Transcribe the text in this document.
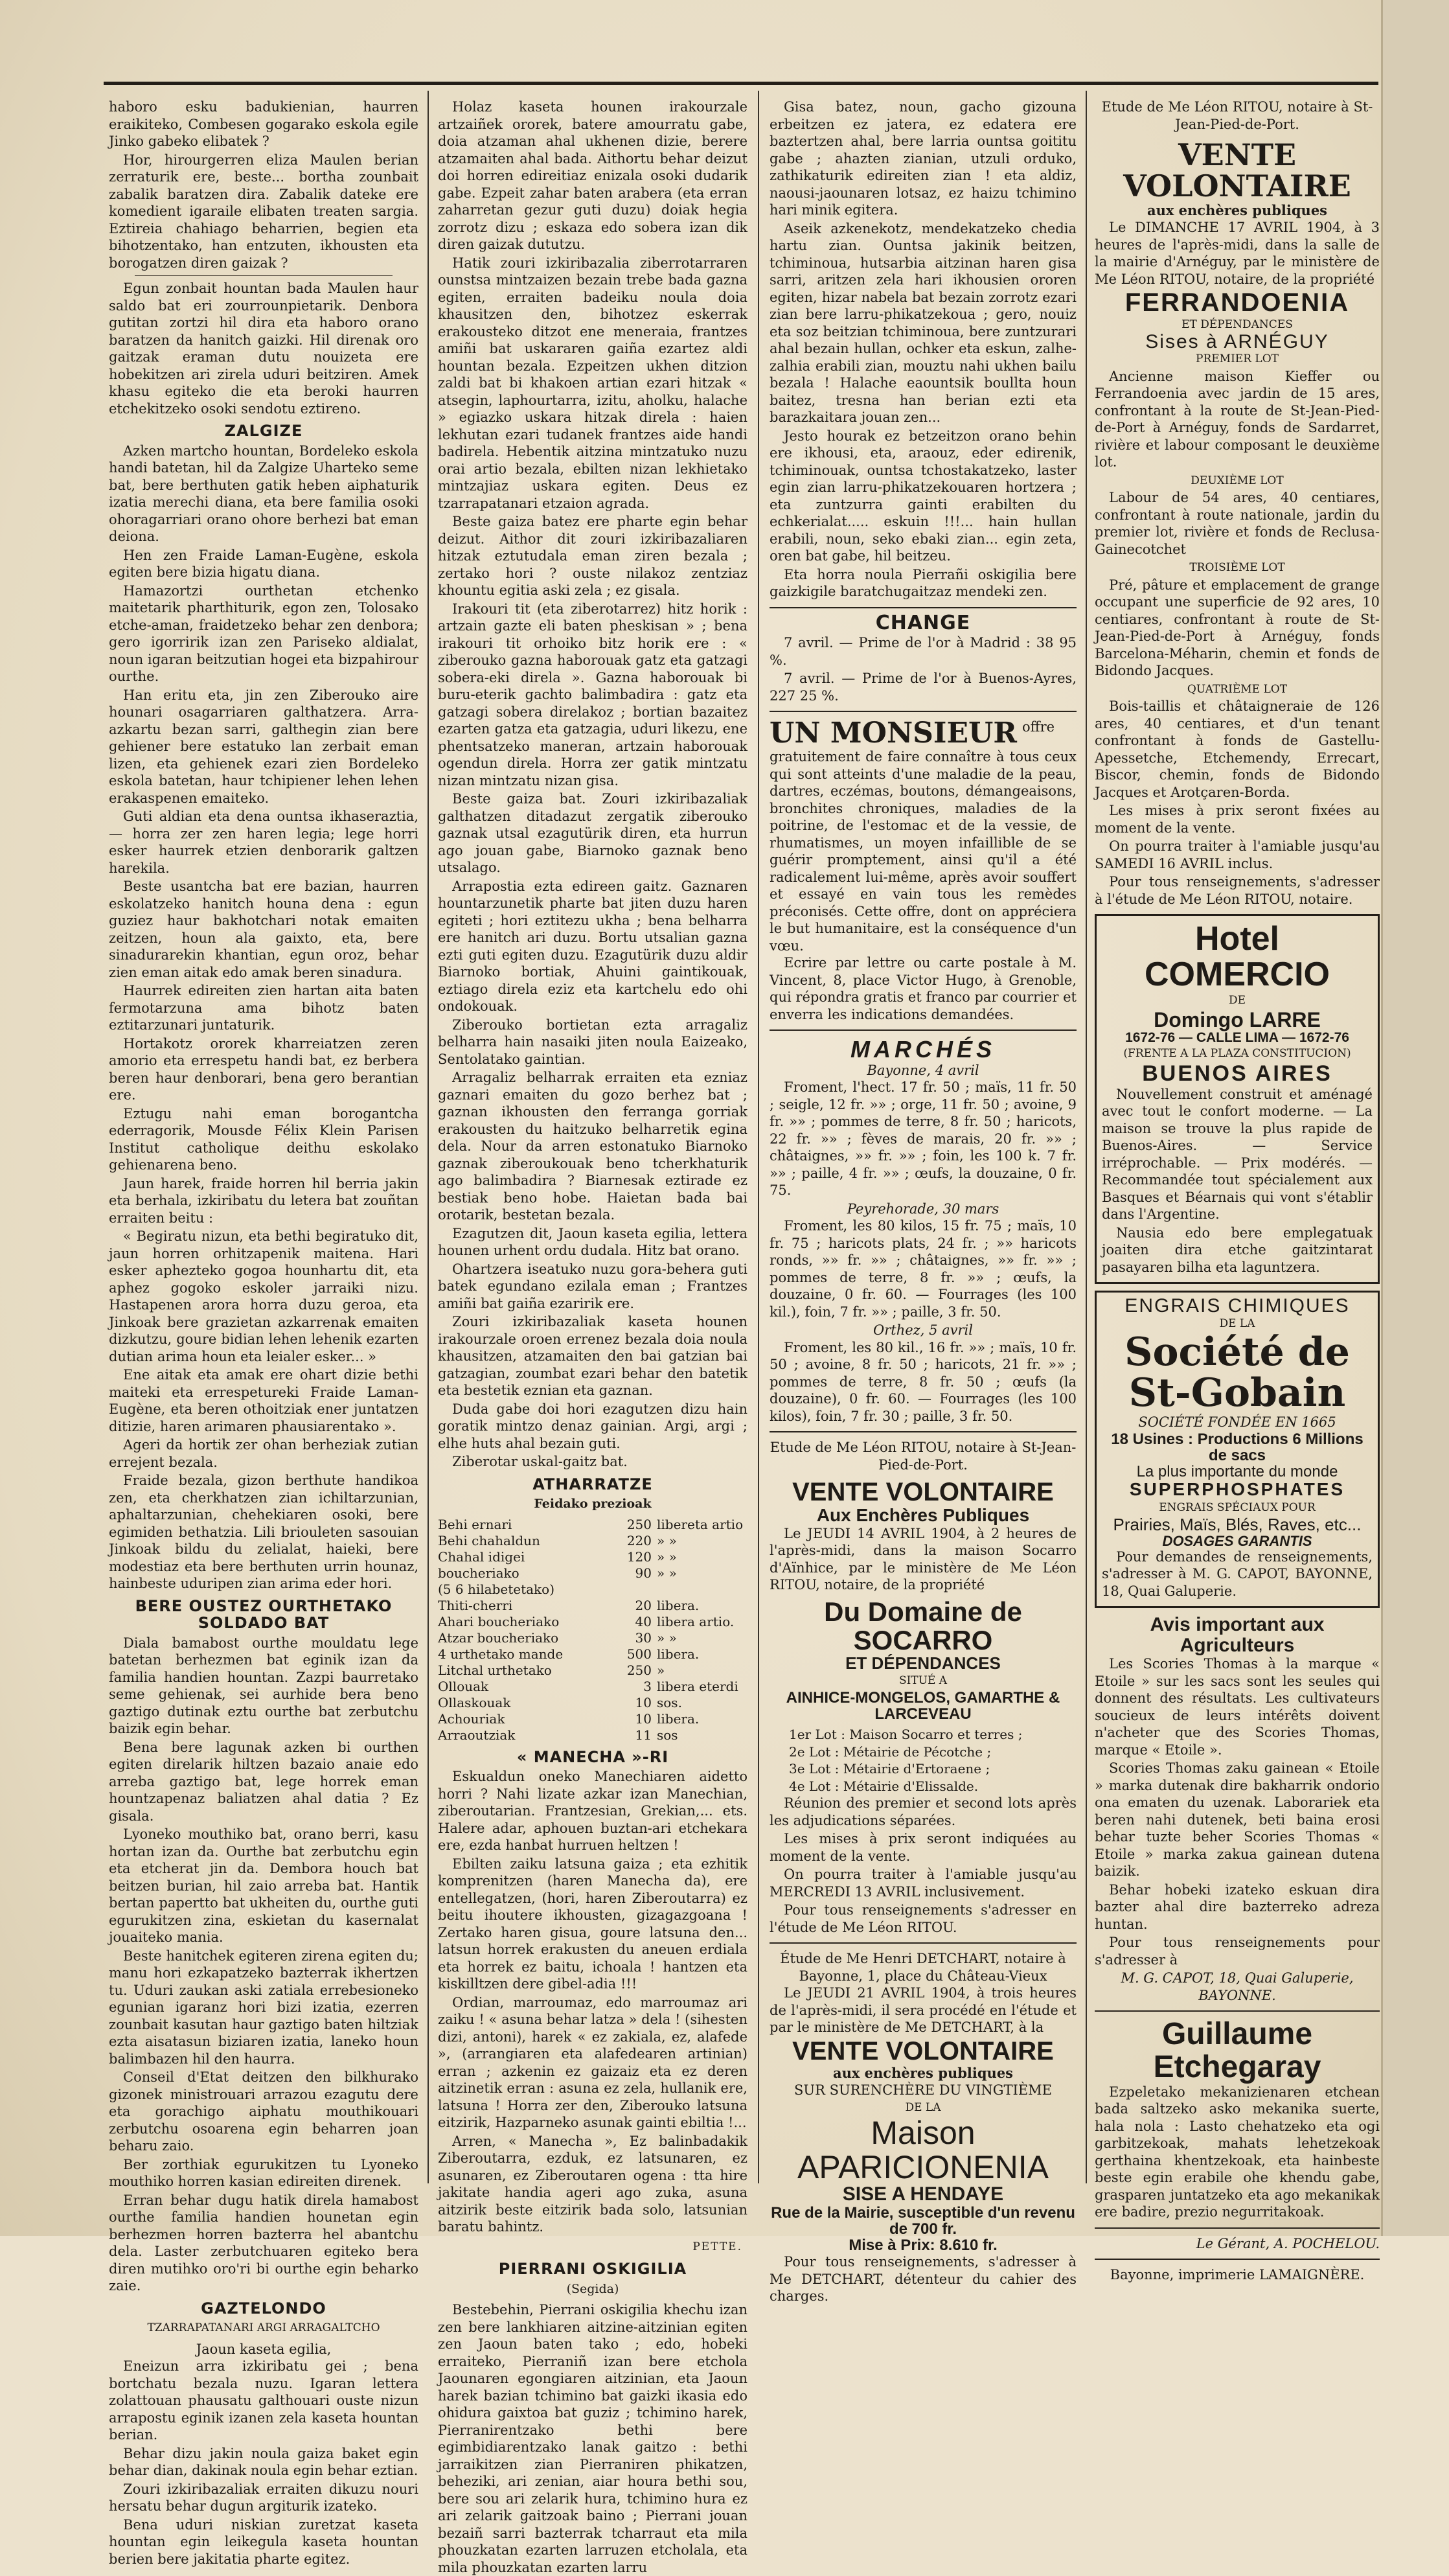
haboro esku badukienian, haurren eraikiteko, Combesen gogarako eskola egile Jinko gabeko elibatek ?

Hor, hirourgerren eliza Maulen berian zerraturik ere, beste... bortha zounbait zabalik baratzen dira. Zabalik dateke ere komedient igaraile elibaten treaten sargia. Eztireia chahiago beharrien, begien eta bihotzentako, han entzuten, ikhousten eta borogatzen diren gaizak ?

Egun zonbait hountan bada Maulen haur saldo bat eri zourrounpietarik. Denbora gutitan zortzi hil dira eta haboro orano baratzen da hanitch gaizki. Hil direnak oro gaitzak eraman dutu nouizeta ere hobekitzen ari zirela uduri beitziren. Amek khasu egiteko die eta beroki haurren etchekitzeko osoki sendotu eztireno.

ZALGIZE

Azken martcho hountan, Bordeleko eskola handi batetan, hil da Zalgize Uharteko seme bat, bere berthuten gatik heben aiphaturik izatia merechi diana, eta bere familia osoki ohoragarriari orano ohore berhezi bat eman deiona.

Hen zen Fraide Laman-Eugène, eskola egiten bere bizia higatu diana.

Hamazortzi ourthetan etchenko maitetarik pharthiturik, egon zen, Tolosako etche-aman, fraidetzeko behar zen denbora; gero igorririk izan zen Pariseko aldialat, noun igaran beitzutian hogei eta bizpahirour ourthe.

Han eritu eta, jin zen Ziberouko aire hounari osagarriaren galthatzera. Arra-azkartu bezan sarri, galthegin zian bere gehiener bere estatuko lan zerbait eman lizen, eta gehienek ezari zien Bordeleko eskola batetan, haur tchipiener lehen lehen erakaspenen emaiteko.

Guti aldian eta dena ountsa ikhaseraztia, — horra zer zen haren legia; lege horri esker haurrek etzien denborarik galtzen harekila.

Beste usantcha bat ere bazian, haurren eskolatzeko hanitch houna dena : egun guziez haur bakhotchari notak emaiten zeitzen, houn ala gaixto, eta, bere sinadurarekin khantian, egun oroz, behar zien eman aitak edo amak beren sinadura.

Haurrek edireiten zien hartan aita baten fermotarzuna ama bihotz baten eztitarzunari juntaturik.

Hortakotz ororek kharreiatzen zeren amorio eta errespetu handi bat, ez berbera beren haur denborari, bena gero berantian ere.

Eztugu nahi eman borogantcha ederragorik, Mousde Félix Klein Parisen Institut catholique deithu eskolako gehienarena beno.

Jaun harek, fraide horren hil berria jakin eta berhala, izkiribatu du letera bat zouñtan erraiten beitu :

« Begiratu nizun, eta bethi begiratuko dit, jaun horren orhitzapenik maitena. Hari esker aphezteko gogoa hounhartu dit, eta aphez gogoko eskoler jarraiki nizu. Hastapenen arora horra duzu geroa, eta Jinkoak bere grazietan azkarrenak emaiten dizkutzu, goure bidian lehen lehenik ezarten dutian arima houn eta leialer esker... »

Ene aitak eta amak ere ohart dizie bethi maiteki eta errespetureki Fraide Laman-Eugène, eta beren othoitziak ener juntatzen ditizie, haren arimaren phausiarentako ».

Ageri da hortik zer ohan berheziak zutian errejent bezala.

Fraide bezala, gizon berthute handikoa zen, eta cherkhatzen zian ichiltarzunian, aphaltarzunian, chehekiaren osoki, bere egimiden bethatzia. Lili briouleten sasouian Jinkoak bildu du zelialat, haieki, bere modestiaz eta bere berthuten urrin hounaz, hainbeste uduripen zian arima eder hori.

BERE OUSTEZ OURTHETAKO SOLDADO BAT

Diala bamabost ourthe mouldatu lege batetan berhezmen bat eginik izan da familia handien hountan. Zazpi baurretako seme gehienak, sei aurhide bera beno gaztigo dutinak eztu ourthe bat zerbutchu baizik egin behar.

Bena bere lagunak azken bi ourthen egiten direlarik hiltzen bazaio anaie edo arreba gaztigo bat, lege horrek eman hountzapenaz baliatzen ahal datia ? Ez gisala.

Lyoneko mouthiko bat, orano berri, kasu hortan izan da. Ourthe bat zerbutchu egin eta etcherat jin da. Dembora houch bat beitzen burian, hil zaio arreba bat. Hantik bertan papertto bat ukheiten du, ourthe guti egurukitzen zina, eskietan du kasernalat jouaiteko mania.

Beste hanitchek egiteren zirena egiten du; manu hori ezkapatzeko bazterrak ikhertzen tu. Uduri zaukan aski zatiala errebesioneko egunian igaranz hori bizi izatia, ezerren zounbait kasutan haur gaztigo baten hiltziak ezta aisatasun biziaren izatia, laneko houn balimbazen hil den haurra.

Conseil d'Etat deitzen den bilkhurako gizonek ministrouari arrazou ezagutu dere eta gorachigo aiphatu mouthikouari zerbutchu osoarena egin beharren joan beharu zaio.

Ber zorthiak egurukitzen tu Lyoneko mouthiko horren kasian edireiten direnek.

Erran behar dugu hatik direla hamabost ourthe familia handien hounetan egin berhezmen horren bazterra hel abantchu dela. Laster zerbutchuaren egiteko bera diren mutihko oro'ri bi ourthe egin beharko zaie.

GAZTELONDO
TZARRAPATANARI ARGI ARRAGALTCHO
Jaoun kaseta egilia,

Eneizun arra izkiribatu gei ; bena bortchatu bezala nuzu. Igaran lettera zolattouan phausatu galthouari ouste nizun arrapostu eginik izanen zela kaseta hountan berian.

Behar dizu jakin noula gaiza baket egin behar dian, dakinak noula egin behar eztian.

Zouri izkiribazaliak erraiten dikuzu nouri hersatu behar dugun argiturik izateko.

Bena uduri niskian zuretzat kaseta hountan egin leikegula kaseta hountan berien bere jakitatia pharte egitez.

Holaz kaseta hounen irakourzale artzaiñek ororek, batere amourratu gabe, doia atzaman ahal ukhenen dizie, berere atzamaiten ahal bada. Aithortu behar deizut doi horren edireitiaz enizala osoki dudarik gabe. Ezpeit zahar baten arabera (eta erran zaharretan gezur guti duzu) doiak hegia zorrotz dizu ; eskaza edo sobera izan dik diren gaizak dututzu.

Hatik zouri izkiribazalia ziberrotarraren ounstsa mintzaizen bezain trebe bada gazna egiten, erraiten badeiku noula doia khausitzen den, bihotzez eskerrak erakousteko ditzot ene meneraia, frantzes amiñi bat uskararen gaiña ezartez aldi hountan bezala. Ezpeitzen ukhen ditzion zaldi bat bi khakoen artian ezari hitzak « atsegin, laphourtarra, izitu, aholku, halache » egiazko uskara hitzak direla : haien lekhutan ezari tudanek frantzes aide handi badirela. Hebentik aitzina mintzatuko nuzu orai artio bezala, ebilten nizan lekhietako mintzajiaz uskara egiten. Deus ez tzarrapatanari etzaion agrada.

Beste gaiza batez ere pharte egin behar deizut. Aithor dit zouri izkiribazaliaren hitzak eztutudala eman ziren bezala ; zertako hori ? ouste nilakoz zentziaz khountu egitia aski zela ; ez gisala.

Irakouri tit (eta ziberotarrez) hitz horik : artzain gazte eli baten pheskisan » ; bena irakouri tit orhoiko bitz horik ere : « ziberouko gazna haborouak gatz eta gatzagi sobera-eki direla ». Gazna haborouak bi buru-eterik gachto balimbadira : gatz eta gatzagi sobera direlakoz ; bortian bazaitez ezarten gatza eta gatzagia, uduri likezu, ene phentsatzeko maneran, artzain haborouak ogendun direla. Horra zer gatik mintzatu nizan mintzatu nizan gisa.

Beste gaiza bat. Zouri izkiribazaliak galthatzen ditadazut zergatik ziberouko gaznak utsal ezagutürik diren, eta hurrun ago jouan gabe, Biarnoko gaznak beno utsalago.

Arrapostia ezta edireen gaitz. Gaznaren hountarzunetik pharte bat jiten duzu haren egiteti ; hori eztitezu ukha ; bena belharra ere hanitch ari duzu. Bortu utsalian gazna ezti guti egiten duzu. Ezagutürik duzu aldir Biarnoko bortiak, Ahuini gaintikouak, eztiago direla eziz eta kartchelu edo ohi ondokouak.

Ziberouko bortietan ezta arragaliz belharra hain nasaiki jiten noula Eaizeako, Sentolatako gaintian.

Arragaliz belharrak erraiten eta ezniaz gaznari emaiten du gozo berhez bat ; gaznan ikhousten den ferranga gorriak erakousten du haitzuko belharretik egina dela. Nour da arren estonatuko Biarnoko gaznak ziberoukouak beno tcherkhaturik ago balimbadira ? Biarnesak eztirade ez bestiak beno hobe. Haietan bada bai orotarik, bestetan bezala.

Ezagutzen dit, Jaoun kaseta egilia, lettera hounen urhent ordu dudala. Hitz bat orano.

Ohartzera iseatuko nuzu gora-behera guti batek egundano ezilala eman ; Frantzes amiñi bat gaiña ezaririk ere.

Zouri izkiribazaliak kaseta hounen irakourzale oroen errenez bezala doia noula khausitzen, atzamaiten den bai gatzian bai gatzagian, zoumbat ezari behar den batetik eta bestetik eznian eta gaznan.

Duda gabe doi hori ezagutzen dizu hain goratik mintzo denaz gainian. Argi, argi ; elhe huts ahal bezain guti.

Ziberotar uskal-gaitz bat.

ATHARRATZE
Feidako prezioak
Behi ernari	250	libereta artio
Behi chahaldun	220	» »
Chahal idigei	120	» »
boucheriako	90	» »
(5 6 hilabetetako)		
Thiti-cherri	20	libera.
Ahari boucheriako	40	libera artio.
Atzar boucheriako	30	» »
4 urthetako mande	500	libera.
Litchal urthetako	250	»
Ollouak	3	libera eterdi
Ollaskouak	10	sos.
Achouriak	10	libera.
Arraoutziak	11	sos
« MANECHA »-RI

Eskualdun oneko Manechiaren aidetto horri ? Nahi lizate azkar izan Manechian, ziberoutarian. Frantzesian, Grekian,... ets. Halere adar, aphouen buztan-ari etchekara ere, ezda hanbat hurruen heltzen !

Ebilten zaiku latsuna gaiza ; eta ezhitik komprenitzen (haren Manecha da), ere entellegatzen, (hori, haren Ziberoutarra) ez beitu ihoutere ikhousten, gizagazgoana ! Zertako haren gisua, goure latsuna den... latsun horrek erakusten du aneuen erdiala eta horrek ez baitu, ichoala ! hantzen eta kiskilltzen dere gibel-adia !!!

Ordian, marroumaz, edo marroumaz ari zaiku ! « asuna behar latza » dela ! (sihesten dizi, antoni), harek « ez zakiala, ez, alafede », (arrangiaren eta alafedearen artinian) erran ; azkenin ez gaizaiz eta ez deren aitzinetik erran : asuna ez zela, hullanik ere, latsuna ! Horra zer den, Ziberouko latsuna eitzirik, Hazparneko asunak gainti ebiltia !...

Arren, « Manecha », Ez balinbadakik Ziberoutarra, ezduk, ez latsunaren, ez asunaren, ez Ziberoutaren ogena : tta hire jakitate handia ageri ago zuka, asuna aitzirik beste eitzirik bada solo, latsunian baratu bahintz.

PETTE.
PIERRANI OSKIGILIA
(Segida)

Bestebehin, Pierrani oskigilia khechu izan zen bere lankhiaren aitzine-aitzinian egiten zen Jaoun baten tako ; edo, hobeki erraiteko, Pierraniñ izan bere etchola Jaounaren egongiaren aitzinian, eta Jaoun harek bazian tchimino bat gaizki ikasia edo ohidura gaixtoa bat guziz ; tchimino harek, Pierranirentzako bethi bere egimbidiarentzako lanak gaitzo : bethi jarraikitzen zian Pierraniren phikatzen, beheziki, ari zenian, aiar houra bethi sou, bere sou ari zelarik hura, tchimino hura ez ari zelarik gaitzoak baino ; Pierrani jouan bezaiñ sarri bazterrak tcharraut eta mila phouzkatan ezarten larruzen etcholala, eta mila phouzkatan ezarten larru

Gisa batez, noun, gacho gizouna erbeitzen ez jatera, ez edatera ere baztertzen ahal, bere larria ountsa goititu gabe ; ahazten zianian, utzuli orduko, zathikaturik edireiten zian ! eta aldiz, naousi-jaounaren lotsaz, ez haizu tchimino hari minik egitera.

Aseik azkenekotz, mendekatzeko chedia hartu zian. Ountsa jakinik beitzen, tchiminoua, hutsarbia aitzinan haren gisa sarri, aritzen zela hari ikhousien ororen egiten, hizar nabela bat bezain zorrotz ezari zian bere larru-phikatzekoua ; gero, nouiz eta soz beitzian tchiminoua, bere zuntzurari ahal bezain hullan, ochker eta eskun, zalhe-zalhia erabili zian, mouztu nahi ukhen bailu bezala ! Halache eaountsik boullta houn baitez, tresna han berian ezti eta barazkaitara jouan zen...

Jesto hourak ez betzeitzon orano behin ere ikhousi, eta, araouz, eder edirenik, tchiminouak, ountsa tchostakatzeko, laster egin zian larru-phikatzekouaren hortzera ; eta zuntzurra gainti erabilten du echkerialat..... eskuin !!!... hain hullan erabili, noun, seko ebaki zian... egin zeta, oren bat gabe, hil beitzeu.

Eta horra noula Pierrañi oskigilia bere gaizkigile baratchugaitzaz mendeki zen.

CHANGE

7 avril. — Prime de l'or à Madrid : 38 95 %.

7 avril. — Prime de l'or à Buenos-Ayres, 227 25 %.

UN MONSIEUR offre gratuitement de faire connaître à tous ceux qui sont atteints d'une maladie de la peau, dartres, eczémas, boutons, démangeaisons, bronchites chroniques, maladies de la poitrine, de l'estomac et de la vessie, de rhumatismes, un moyen infaillible de se guérir promptement, ainsi qu'il a été radicalement lui-même, après avoir souffert et essayé en vain tous les remèdes préconisés. Cette offre, dont on appréciera le but humanitaire, est la conséquence d'un vœu.

Ecrire par lettre ou carte postale à M. Vincent, 8, place Victor Hugo, à Grenoble, qui répondra gratis et franco par courrier et enverra les indications demandées.

MARCHÉS
Bayonne, 4 avril

Froment, l'hect. 17 fr. 50 ; maïs, 11 fr. 50 ; seigle, 12 fr. »» ; orge, 11 fr. 50 ; avoine, 9 fr. »» ; pommes de terre, 8 fr. 50 ; haricots, 22 fr. »» ; fèves de marais, 20 fr. »» ; châtaignes, »» fr. »» ; foin, les 100 k. 7 fr. »» ; paille, 4 fr. »» ; œufs, la douzaine, 0 fr. 75.

Peyrehorade, 30 mars

Froment, les 80 kilos, 15 fr. 75 ; maïs, 10 fr. 75 ; haricots plats, 24 fr. ; »» haricots ronds, »» fr. »» ; châtaignes, »» fr. »» ; pommes de terre, 8 fr. »» ; œufs, la douzaine, 0 fr. 60. — Fourrages (les 100 kil.), foin, 7 fr. »» ; paille, 3 fr. 50.

Orthez, 5 avril

Froment, les 80 kil., 16 fr. »» ; maïs, 10 fr. 50 ; avoine, 8 fr. 50 ; haricots, 21 fr. »» ; pommes de terre, 8 fr. 50 ; œufs (la douzaine), 0 fr. 60. — Fourrages (les 100 kilos), foin, 7 fr. 30 ; paille, 3 fr. 50.

Etude de Me Léon RITOU, notaire à St-Jean-Pied-de-Port.
VENTE VOLONTAIRE
Aux Enchères Publiques

Le JEUDI 14 AVRIL 1904, à 2 heures de l'après-midi, dans la maison Socarro d'Aïnhice, par le ministère de Me Léon RITOU, notaire, de la propriété

Du Domaine de SOCARRO
ET DÉPENDANCES
SITUÉ A
AINHICE-MONGELOS, GAMARTHE & LARCEVEAU
1er Lot : Maison Socarro et terres ;
2e Lot : Métairie de Pécotche ;
3e Lot : Métairie d'Ertoraene ;
4e Lot : Métairie d'Elissalde.

Réunion des premier et second lots après les adjudications séparées.

Les mises à prix seront indiquées au moment de la vente.

On pourra traiter à l'amiable jusqu'au MERCREDI 13 AVRIL inclusivement.

Pour tous renseignements s'adresser en l'étude de Me Léon RITOU.

Étude de Me Henri DETCHART, notaire à Bayonne, 1, place du Château-Vieux

Le JEUDI 21 AVRIL 1904, à trois heures de l'après-midi, il sera procédé en l'étude et par le ministère de Me DETCHART, à la

VENTE VOLONTAIRE
aux enchères publiques
SUR SURENCHÈRE DU VINGTIÈME
DE LA
Maison APARICIONENIA
SISE A HENDAYE
Rue de la Mairie, susceptible d'un revenu de 700 fr.
Mise à Prix: 8.610 fr.

Pour tous renseignements, s'adresser à Me DETCHART, détenteur du cahier des charges.

Etude de Me Léon RITOU, notaire à St-Jean-Pied-de-Port.
VENTE VOLONTAIRE
aux enchères publiques

Le DIMANCHE 17 AVRIL 1904, à 3 heures de l'après-midi, dans la salle de la mairie d'Arnéguy, par le ministère de Me Léon RITOU, notaire, de la propriété

FERRANDOENIA
ET DÉPENDANCES
Sises à ARNÉGUY
PREMIER LOT

Ancienne maison Kieffer ou Ferrandoenia avec jardin de 15 ares, confrontant à la route de St-Jean-Pied-de-Port à Arnéguy, fonds de Sardarret, rivière et labour composant le deuxième lot.

DEUXIÈME LOT

Labour de 54 ares, 40 centiares, confrontant à route nationale, jardin du premier lot, rivière et fonds de Reclusa-Gainecotchet

TROISIÈME LOT

Pré, pâture et emplacement de grange occupant une superficie de 92 ares, 10 centiares, confrontant à route de St-Jean-Pied-de-Port à Arnéguy, fonds Barcelona-Méharin, chemin et fonds de Bidondo Jacques.

QUATRIÈME LOT

Bois-taillis et châtaigneraie de 126 ares, 40 centiares, et d'un tenant confrontant à fonds de Gastellu-Apessetche, Etchemendy, Errecart, Biscor, chemin, fonds de Bidondo Jacques et Arotçaren-Borda.

Les mises à prix seront fixées au moment de la vente.

On pourra traiter à l'amiable jusqu'au SAMEDI 16 AVRIL inclus.

Pour tous renseignements, s'adresser à l'étude de Me Léon RITOU, notaire.

Hotel COMERCIO
DE
Domingo LARRE
1672-76 — CALLE LIMA — 1672-76
(FRENTE A LA PLAZA CONSTITUCION)
BUENOS AIRES

Nouvellement construit et aménagé avec tout le confort moderne. — La maison se trouve la plus rapide de Buenos-Aires. — Service irréprochable. — Prix modérés. — Recommandée tout spécialement aux Basques et Béarnais qui vont s'établir dans l'Argentine.

Nausia edo bere emplegatuak joaiten dira etche gaitzintarat pasayaren bilha eta laguntzera.

ENGRAIS CHIMIQUES
DE LA
Société de St-Gobain
SOCIÉTÉ FONDÉE EN 1665
18 Usines : Productions 6 Millions de sacs
La plus importante du monde
SUPERPHOSPHATES
ENGRAIS SPÉCIAUX POUR
Prairies, Maïs, Blés, Raves, etc...
DOSAGES GARANTIS

Pour demandes de renseignements, s'adresser à M. G. CAPOT, BAYONNE, 18, Quai Galuperie.

Avis important aux Agriculteurs

Les Scories Thomas à la marque « Etoile » sur les sacs sont les seules qui donnent des résultats. Les cultivateurs soucieux de leurs intérêts doivent n'acheter que des Scories Thomas, marque « Etoile ».

Scories Thomas zaku gainean « Etoile » marka dutenak dire bakharrik ondorio ona ematen du uzenak. Laborariek eta beren nahi dutenek, beti baina erosi behar tuzte beher Scories Thomas « Etoile » marka zakua gainean dutena baizik.

Behar hobeki izateko eskuan dira bazter ahal dire bazterreko adreza huntan.

Pour tous renseignements pour s'adresser à

M. G. CAPOT, 18, Quai Galuperie, BAYONNE.
Guillaume Etchegaray

Ezpeletako mekanizienaren etchean bada saltzeko asko mekanika suerte, hala nola : Lasto chehatzeko eta ogi garbitzekoak, mahats lehetzekoak gerthaina khentzekoak, eta hainbeste beste egin erabile ohe khendu gabe, grasparen juntatzeko eta ago mekanikak ere badire, prezio negurritakoak.

Le Gérant, A. POCHELOU.
Bayonne, imprimerie LAMAIGNÈRE.
